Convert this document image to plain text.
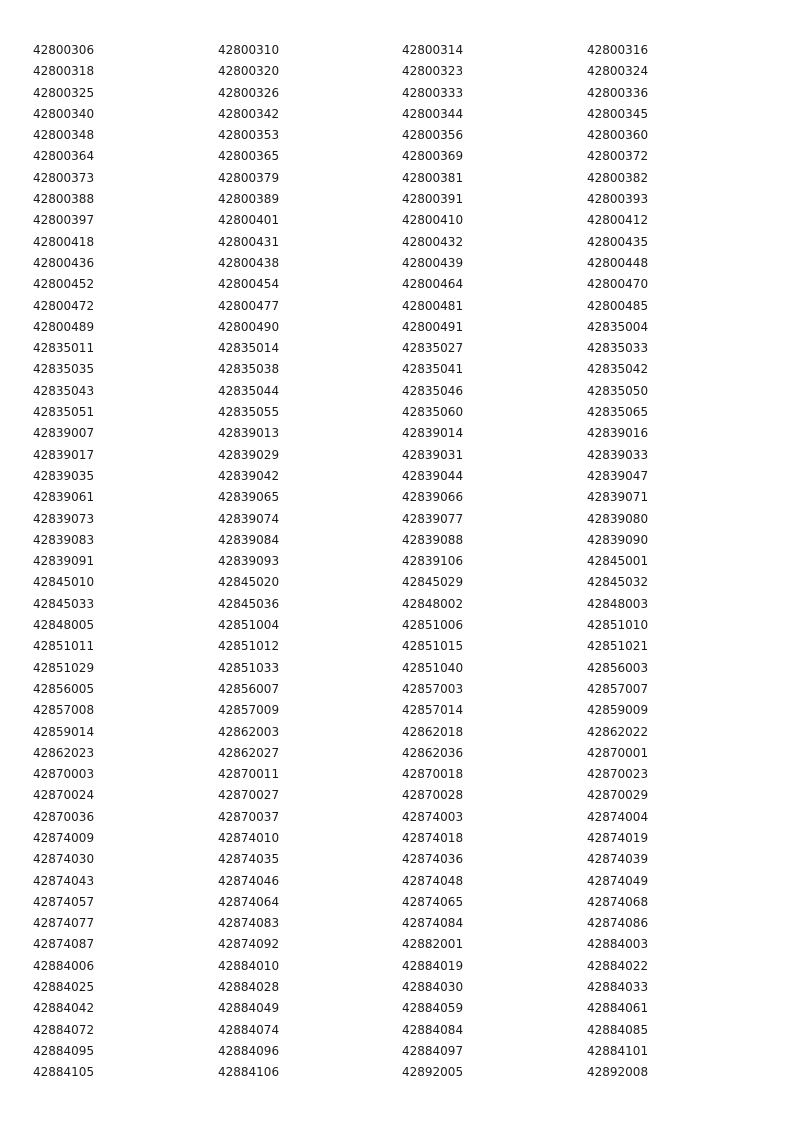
42800306	42800310	42800314	42800316
42800318	42800320	42800323	42800324
42800325	42800326	42800333	42800336
42800340	42800342	42800344	42800345
42800348	42800353	42800356	42800360
42800364	42800365	42800369	42800372
42800373	42800379	42800381	42800382
42800388	42800389	42800391	42800393
42800397	42800401	42800410	42800412
42800418	42800431	42800432	42800435
42800436	42800438	42800439	42800448
42800452	42800454	42800464	42800470
42800472	42800477	42800481	42800485
42800489	42800490	42800491	42835004
42835011	42835014	42835027	42835033
42835035	42835038	42835041	42835042
42835043	42835044	42835046	42835050
42835051	42835055	42835060	42835065
42839007	42839013	42839014	42839016
42839017	42839029	42839031	42839033
42839035	42839042	42839044	42839047
42839061	42839065	42839066	42839071
42839073	42839074	42839077	42839080
42839083	42839084	42839088	42839090
42839091	42839093	42839106	42845001
42845010	42845020	42845029	42845032
42845033	42845036	42848002	42848003
42848005	42851004	42851006	42851010
42851011	42851012	42851015	42851021
42851029	42851033	42851040	42856003
42856005	42856007	42857003	42857007
42857008	42857009	42857014	42859009
42859014	42862003	42862018	42862022
42862023	42862027	42862036	42870001
42870003	42870011	42870018	42870023
42870024	42870027	42870028	42870029
42870036	42870037	42874003	42874004
42874009	42874010	42874018	42874019
42874030	42874035	42874036	42874039
42874043	42874046	42874048	42874049
42874057	42874064	42874065	42874068
42874077	42874083	42874084	42874086
42874087	42874092	42882001	42884003
42884006	42884010	42884019	42884022
42884025	42884028	42884030	42884033
42884042	42884049	42884059	42884061
42884072	42884074	42884084	42884085
42884095	42884096	42884097	42884101
42884105	42884106	42892005	42892008
